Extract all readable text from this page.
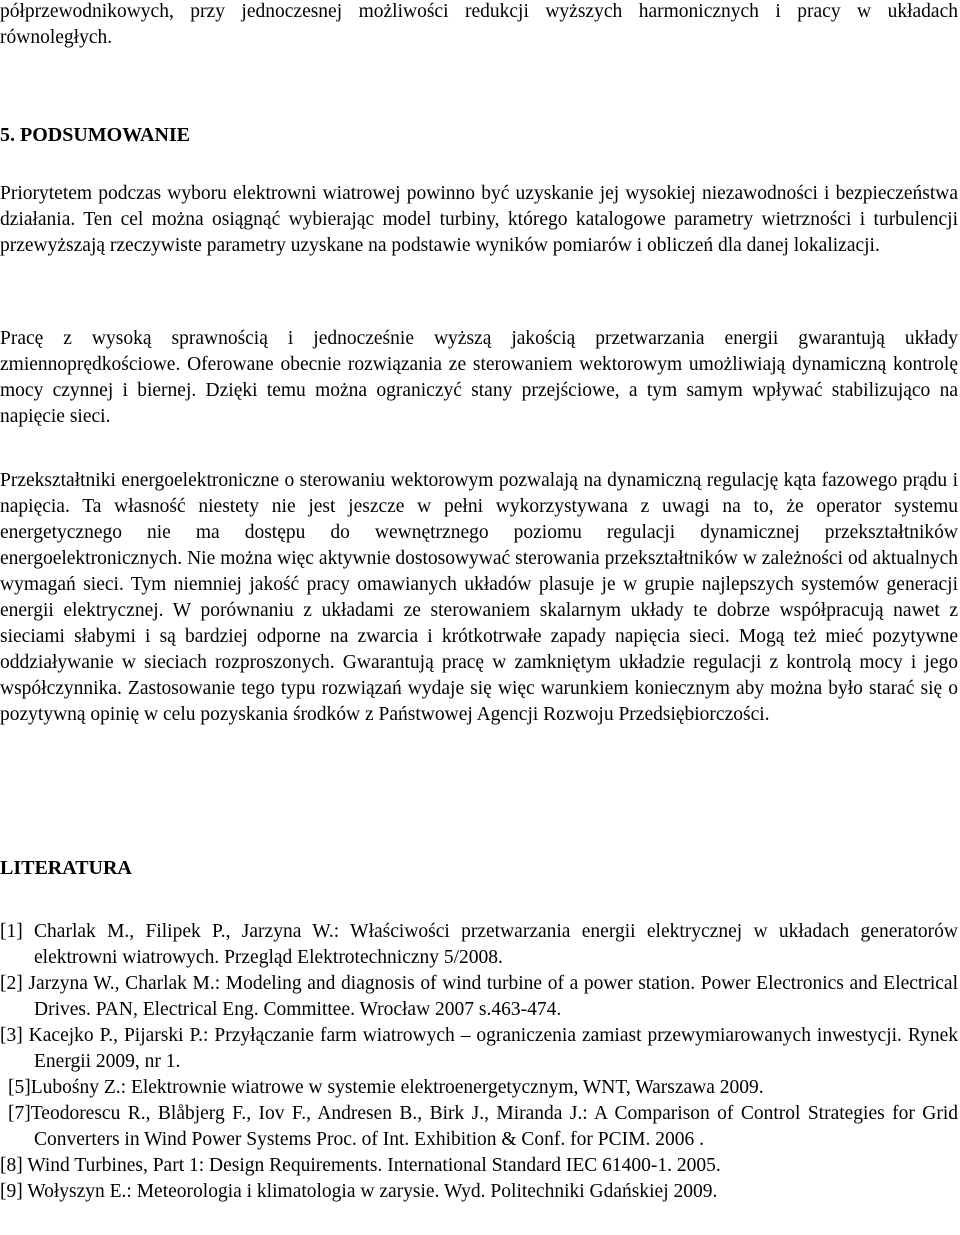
półprzewodnikowych, przy jednoczesnej możliwości redukcji wyższych harmonicznych i pracy w układach równoległych.

5. PODSUMOWANIE

Priorytetem podczas wyboru elektrowni wiatrowej powinno być uzyskanie jej wysokiej niezawodności i bezpieczeństwa działania. Ten cel można osiągnąć wybierając model turbiny, którego katalogowe parametry wietrzności i turbulencji przewyższają rzeczywiste parametry uzyskane na podstawie wyników pomiarów i obliczeń dla danej lokalizacji.

Pracę z wysoką sprawnością i jednocześnie wyższą jakością przetwarzania energii gwarantują układy zmiennoprędkościowe. Oferowane obecnie rozwiązania ze sterowaniem wektorowym umożliwiają dynamiczną kontrolę mocy czynnej i biernej. Dzięki temu można ograniczyć stany przejściowe, a tym samym wpływać stabilizująco na napięcie sieci.

Przekształtniki energoelektroniczne o sterowaniu wektorowym pozwalają na dynamiczną regulację kąta fazowego prądu i napięcia. Ta własność niestety nie jest jeszcze w pełni wykorzystywana z uwagi na to, że operator systemu energetycznego nie ma dostępu do wewnętrznego poziomu regulacji dynamicznej przekształtników energoelektronicznych. Nie można więc aktywnie dostosowywać sterowania przekształtników w zależności od aktualnych wymagań sieci. Tym niemniej jakość pracy omawianych układów plasuje je w grupie najlepszych systemów generacji energii elektrycznej. W porównaniu z układami ze sterowaniem skalarnym układy te dobrze współpracują nawet z sieciami słabymi i są bardziej odporne na zwarcia i krótkotrwałe zapady napięcia sieci. Mogą też mieć pozytywne oddziaływanie w sieciach rozproszonych. Gwarantują pracę w zamkniętym układzie regulacji z kontrolą mocy i jego współczynnika. Zastosowanie tego typu rozwiązań wydaje się więc warunkiem koniecznym aby można było starać się o pozytywną opinię w celu pozyskania środków z Państwowej Agencji Rozwoju Przedsiębiorczości.

LITERATURA

[1] Charlak M., Filipek P., Jarzyna W.: Właściwości przetwarzania energii elektrycznej w układach generatorów elektrowni wiatrowych. Przegląd Elektrotechniczny 5/2008.

[2] Jarzyna W., Charlak M.: Modeling and diagnosis of wind turbine of a power station. Power Electronics and Electrical Drives. PAN, Electrical Eng. Committee. Wrocław 2007 s.463-474.

[3] Kacejko P., Pijarski P.: Przyłączanie farm wiatrowych – ograniczenia zamiast przewymiarowanych inwestycji. Rynek Energii 2009, nr 1.

[5]Lubośny Z.: Elektrownie wiatrowe w systemie elektroenergetycznym, WNT, Warszawa 2009.

[7]Teodorescu R., Blåbjerg F., Iov F., Andresen B., Birk J., Miranda J.: A Comparison of Control Strategies for Grid Converters in Wind Power Systems Proc. of Int. Exhibition & Conf. for PCIM. 2006 .

[8] Wind Turbines, Part 1: Design Requirements. International Standard IEC 61400-1. 2005.

[9] Wołyszyn E.: Meteorologia i klimatologia w zarysie. Wyd. Politechniki Gdańskiej 2009.
